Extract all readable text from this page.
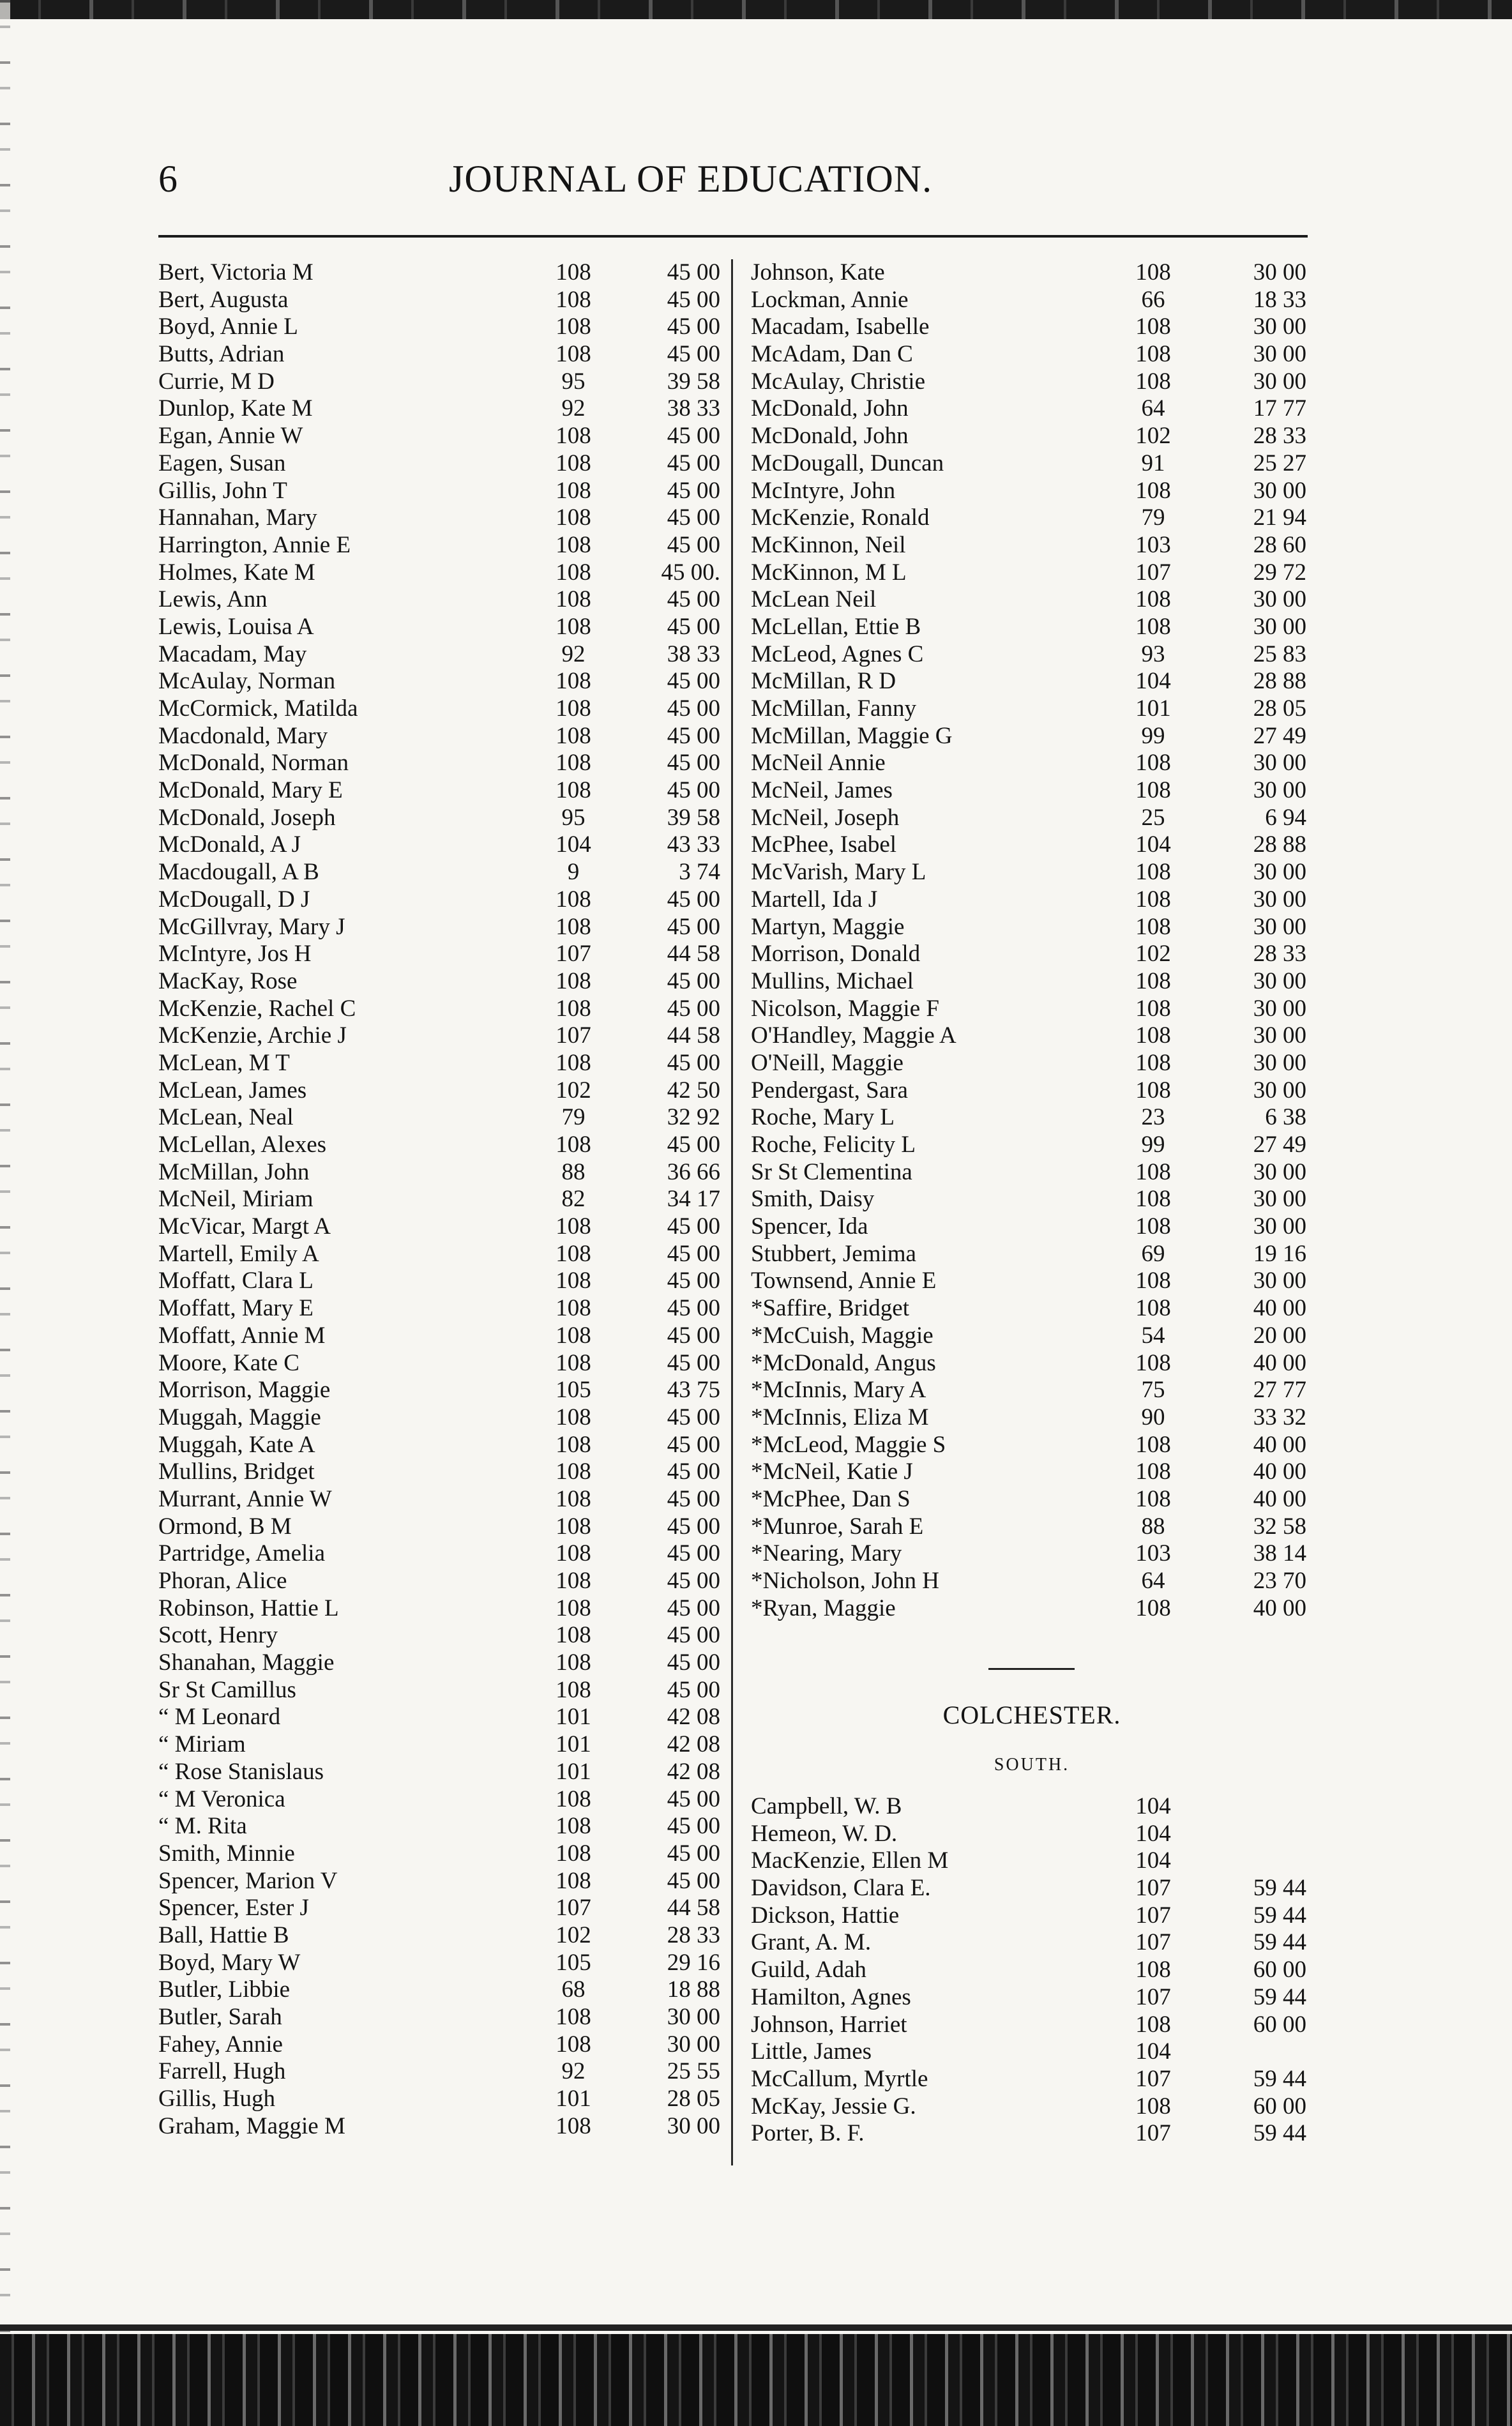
6	JOURNAL OF EDUCATION.
Bert, Victoria M	108	45 00
Bert, Augusta	108	45 00
Boyd, Annie L	108	45 00
Butts, Adrian	108	45 00
Currie, M D	95	39 58
Dunlop, Kate M	92	38 33
Egan, Annie W	108	45 00
Eagen, Susan	108	45 00
Gillis, John T	108	45 00
Hannahan, Mary	108	45 00
Harrington, Annie E	108	45 00
Holmes, Kate M	108	45 00.
Lewis, Ann	108	45 00
Lewis, Louisa A	108	45 00
Macadam, May	92	38 33
McAulay, Norman	108	45 00
McCormick, Matilda	108	45 00
Macdonald, Mary	108	45 00
McDonald, Norman	108	45 00
McDonald, Mary E	108	45 00
McDonald, Joseph	95	39 58
McDonald, A J	104	43 33
Macdougall, A B	9	3 74
McDougall, D J	108	45 00
McGillvray, Mary J	108	45 00
McIntyre, Jos H	107	44 58
MacKay, Rose	108	45 00
McKenzie, Rachel C	108	45 00
McKenzie, Archie J	107	44 58
McLean, M T	108	45 00
McLean, James	102	42 50
McLean, Neal	79	32 92
McLellan, Alexes	108	45 00
McMillan, John	88	36 66
McNeil, Miriam	82	34 17
McVicar, Margt A	108	45 00
Martell, Emily A	108	45 00
Moffatt, Clara L	108	45 00
Moffatt, Mary E	108	45 00
Moffatt, Annie M	108	45 00
Moore, Kate C	108	45 00
Morrison, Maggie	105	43 75
Muggah, Maggie	108	45 00
Muggah, Kate A	108	45 00
Mullins, Bridget	108	45 00
Murrant, Annie W	108	45 00
Ormond, B M	108	45 00
Partridge, Amelia	108	45 00
Phoran, Alice	108	45 00
Robinson, Hattie L	108	45 00
Scott, Henry	108	45 00
Shanahan, Maggie	108	45 00
Sr St Camillus	108	45 00
“ M Leonard	101	42 08
“ Miriam	101	42 08
“ Rose Stanislaus	101	42 08
“ M Veronica	108	45 00
“ M. Rita	108	45 00
Smith, Minnie	108	45 00
Spencer, Marion V	108	45 00
Spencer, Ester J	107	44 58
Ball, Hattie B	102	28 33
Boyd, Mary W	105	29 16
Butler, Libbie	68	18 88
Butler, Sarah	108	30 00
Fahey, Annie	108	30 00
Farrell, Hugh	92	25 55
Gillis, Hugh	101	28 05
Graham, Maggie M	108	30 00
Johnson, Kate	108	30 00
Lockman, Annie	66	18 33
Macadam, Isabelle	108	30 00
McAdam, Dan C	108	30 00
McAulay, Christie	108	30 00
McDonald, John	64	17 77
McDonald, John	102	28 33
McDougall, Duncan	91	25 27
McIntyre, John	108	30 00
McKenzie, Ronald	79	21 94
McKinnon, Neil	103	28 60
McKinnon, M L	107	29 72
McLean Neil	108	30 00
McLellan, Ettie B	108	30 00
McLeod, Agnes C	93	25 83
McMillan, R D	104	28 88
McMillan, Fanny	101	28 05
McMillan, Maggie G	99	27 49
McNeil Annie	108	30 00
McNeil, James	108	30 00
McNeil, Joseph	25	6 94
McPhee, Isabel	104	28 88
McVarish, Mary L	108	30 00
Martell, Ida J	108	30 00
Martyn, Maggie	108	30 00
Morrison, Donald	102	28 33
Mullins, Michael	108	30 00
Nicolson, Maggie F	108	30 00
O'Handley, Maggie A	108	30 00
O'Neill, Maggie	108	30 00
Pendergast, Sara	108	30 00
Roche, Mary L	23	6 38
Roche, Felicity L	99	27 49
Sr St Clementina	108	30 00
Smith, Daisy	108	30 00
Spencer, Ida	108	30 00
Stubbert, Jemima	69	19 16
Townsend, Annie E	108	30 00
*Saffire, Bridget	108	40 00
*McCuish, Maggie	54	20 00
*McDonald, Angus	108	40 00
*McInnis, Mary A	75	27 77
*McInnis, Eliza M	90	33 32
*McLeod, Maggie S	108	40 00
*McNeil, Katie J	108	40 00
*McPhee, Dan S	108	40 00
*Munroe, Sarah E	88	32 58
*Nearing, Mary	103	38 14
*Nicholson, John H	64	23 70
*Ryan, Maggie	108	40 00
COLCHESTER.
SOUTH.
Campbell, W. B	104
Hemeon, W. D.	104
MacKenzie, Ellen M	104
Davidson, Clara E.	107	59 44
Dickson, Hattie	107	59 44
Grant, A. M.	107	59 44
Guild, Adah	108	60 00
Hamilton, Agnes	107	59 44
Johnson, Harriet	108	60 00
Little, James	104
McCallum, Myrtle	107	59 44
McKay, Jessie G.	108	60 00
Porter, B. F.	107	59 44
